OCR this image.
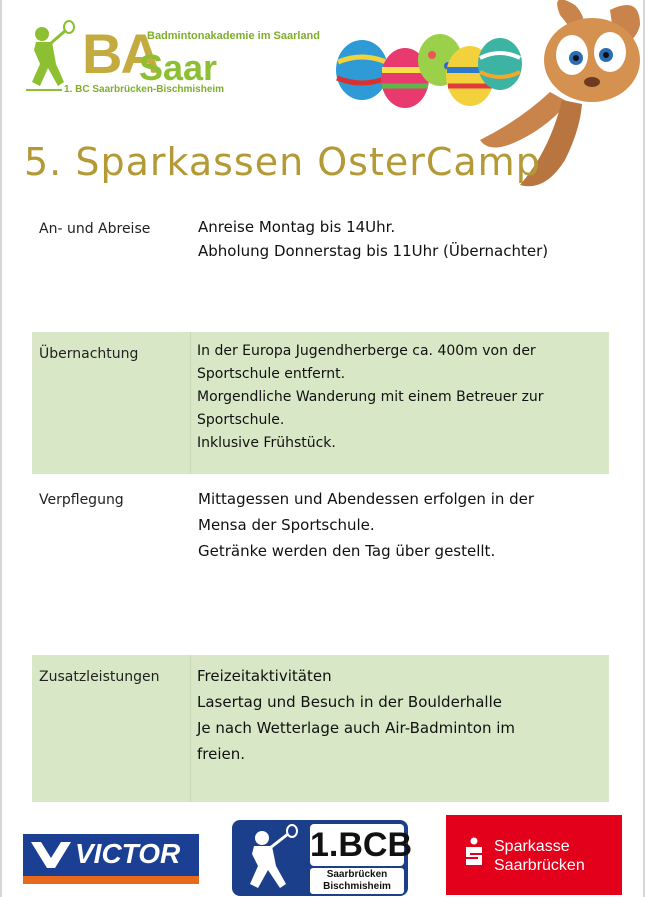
BA
Saar
Badmintonakademie im Saarland
1. BC Saarbrücken-Bischmisheim
5. Sparkassen OsterCamp
An- und Abreise	Anreise Montag bis 14Uhr.
Abholung Donnerstag bis 11Uhr (Übernachter)
Übernachtung	In der Europa Jugendherberge ca. 400m von der
Sportschule entfernt.
Morgendliche Wanderung mit einem Betreuer zur
Sportschule.
Inklusive Frühstück.
Verpflegung	Mittagessen und Abendessen erfolgen in der
Mensa der Sportschule.
Getränke werden den Tag über gestellt.
Zusatzleistungen	Freizeitaktivitäten
Lasertag und Besuch in der Boulderhalle
Je nach Wetterlage auch Air-Badminton im
freien.
VICTOR	1.BCB
Saarbrücken
Bischmisheim
Sparkasse
Saarbrücken
